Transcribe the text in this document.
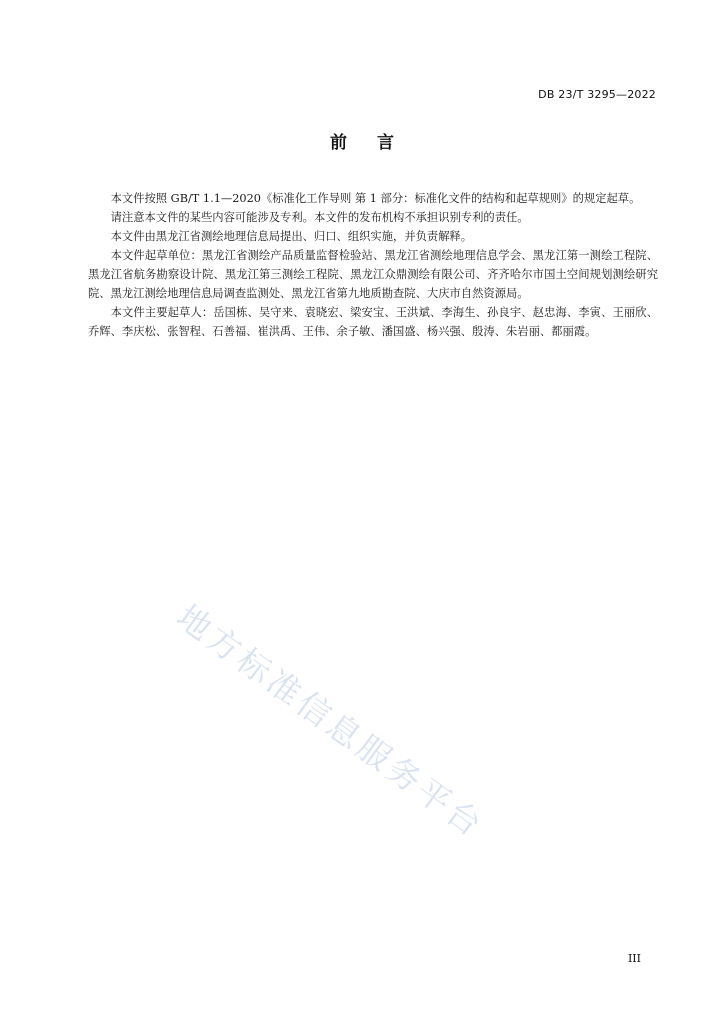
DB 23/T 3295—2022
前 言

本文件按照 GB/T 1.1—2020《标准化工作导则 第 1 部分：标准化文件的结构和起草规则》的规定起草。

请注意本文件的某些内容可能涉及专利。本文件的发布机构不承担识别专利的责任。

本文件由黑龙江省测绘地理信息局提出、归口、组织实施，并负责解释。

本文件起草单位：黑龙江省测绘产品质量监督检验站、黑龙江省测绘地理信息学会、黑龙江第一测绘工程院、黑龙江省航务勘察设计院、黑龙江第三测绘工程院、黑龙江众鼎测绘有限公司、齐齐哈尔市国土空间规划测绘研究院、黑龙江测绘地理信息局调查监测处、黑龙江省第九地质勘查院、大庆市自然资源局。

本文件主要起草人：岳国栋、吴守来、袁晓宏、梁安宝、王洪斌、李海生、孙良宇、赵忠海、李寅、王丽欣、乔辉、李庆松、张智程、石善福、崔洪禹、王伟、余子敏、潘国盛、杨兴强、殷涛、朱岩丽、都丽霞。

地方标准信息服务平台
III
